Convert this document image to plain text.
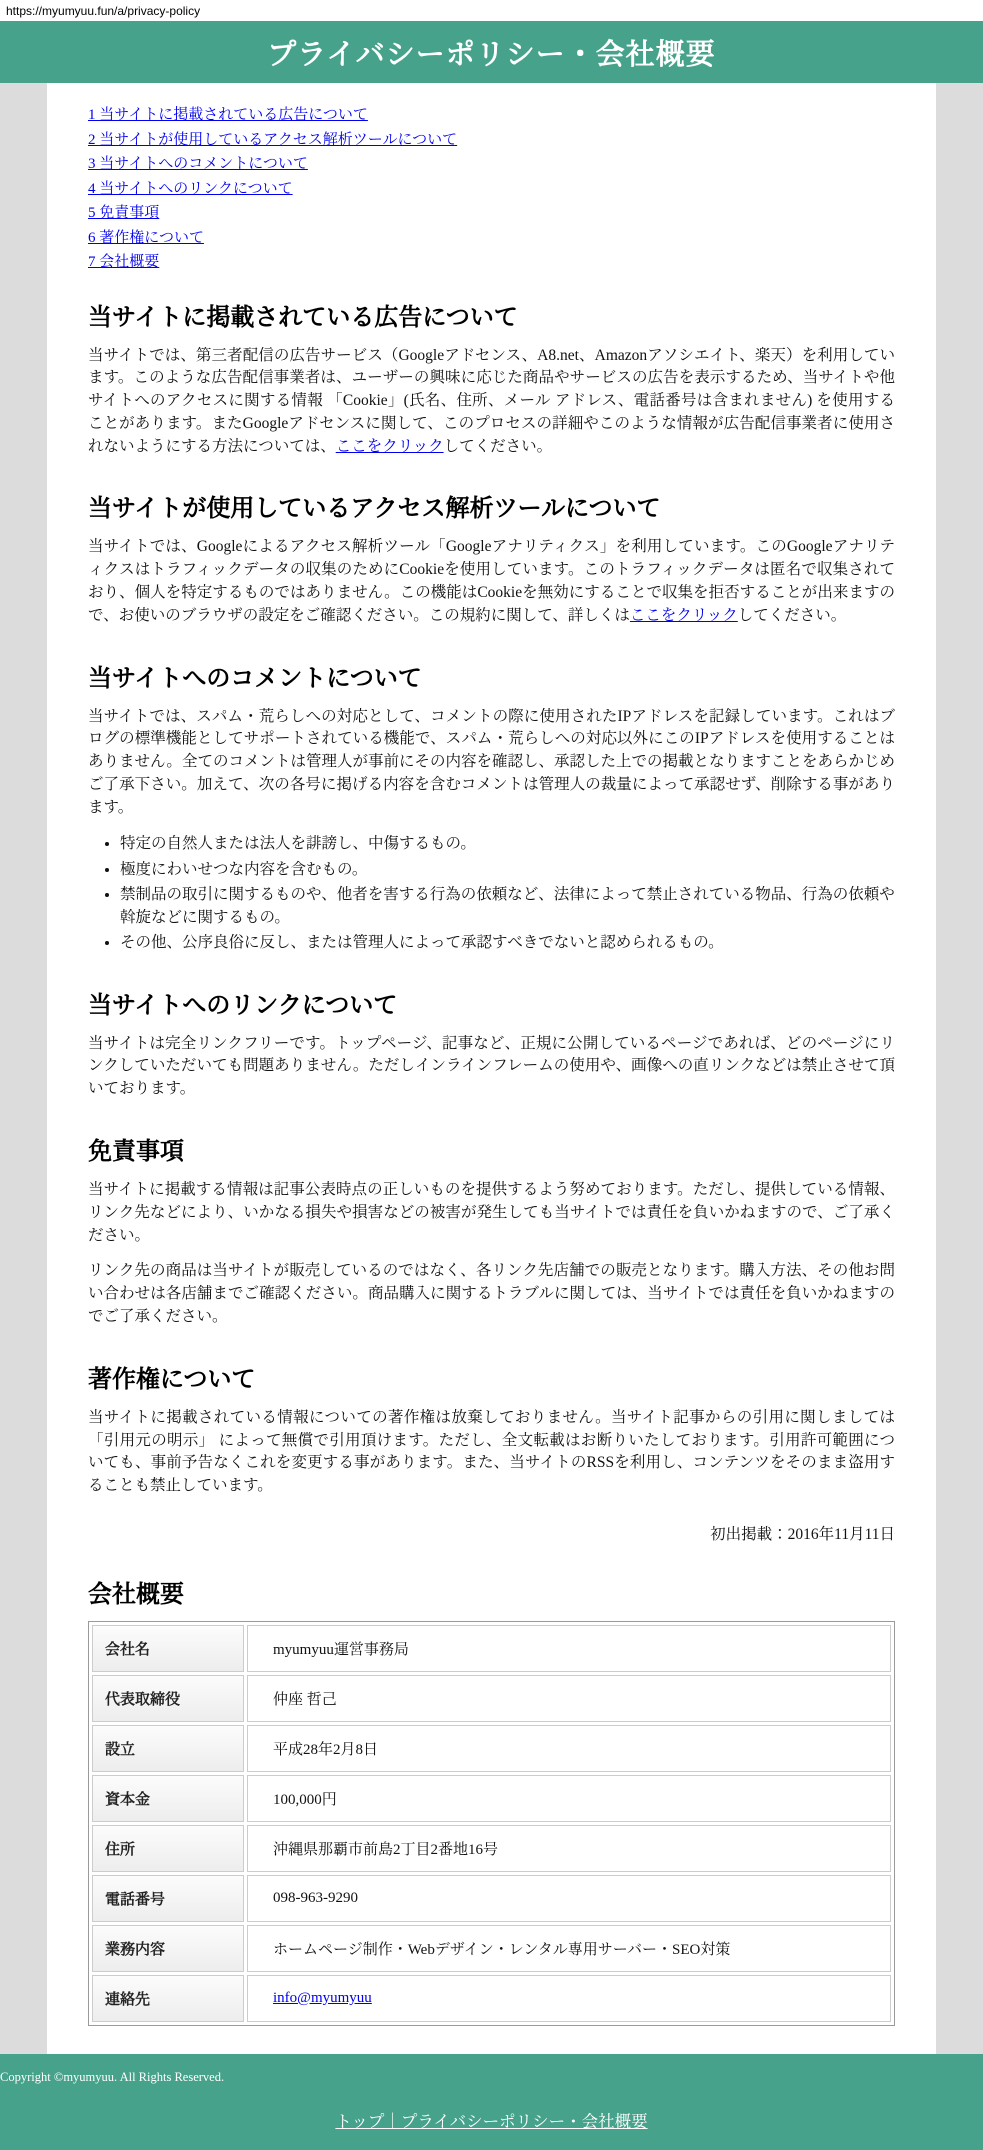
https://myumyuu.fun/a/privacy-policy
プライバシーポリシー・会社概要
1 当サイトに掲載されている広告について
2 当サイトが使用しているアクセス解析ツールについて
3 当サイトへのコメントについて
4 当サイトへのリンクについて
5 免責事項
6 著作権について
7 会社概要
当サイトに掲載されている広告について

当サイトでは、第三者配信の広告サービス（Googleアドセンス、A8.net、Amazonアソシエイト、楽天）を利用しています。このような広告配信事業者は、ユーザーの興味に応じた商品やサービスの広告を表示するため、当サイトや他サイトへのアクセスに関する情報 「Cookie」(氏名、住所、メール アドレス、電話番号は含まれません) を使用することがあります。またGoogleアドセンスに関して、このプロセスの詳細やこのような情報が広告配信事業者に使用されないようにする方法については、ここをクリックしてください。

当サイトが使用しているアクセス解析ツールについて

当サイトでは、Googleによるアクセス解析ツール「Googleアナリティクス」を利用しています。このGoogleアナリティクスはトラフィックデータの収集のためにCookieを使用しています。このトラフィックデータは匿名で収集されており、個人を特定するものではありません。この機能はCookieを無効にすることで収集を拒否することが出来ますので、お使いのブラウザの設定をご確認ください。この規約に関して、詳しくはここをクリックしてください。

当サイトへのコメントについて

当サイトでは、スパム・荒らしへの対応として、コメントの際に使用されたIPアドレスを記録しています。これはブログの標準機能としてサポートされている機能で、スパム・荒らしへの対応以外にこのIPアドレスを使用することはありません。全てのコメントは管理人が事前にその内容を確認し、承認した上での掲載となりますことをあらかじめご了承下さい。加えて、次の各号に掲げる内容を含むコメントは管理人の裁量によって承認せず、削除する事があります。

• 特定の自然人または法人を誹謗し、中傷するもの。
• 極度にわいせつな内容を含むもの。
• 禁制品の取引に関するものや、他者を害する行為の依頼など、法律によって禁止されている物品、行為の依頼や斡旋などに関するもの。
• その他、公序良俗に反し、または管理人によって承認すべきでないと認められるもの。
当サイトへのリンクについて

当サイトは完全リンクフリーです。トップページ、記事など、正規に公開しているページであれば、どのページにリンクしていただいても問題ありません。ただしインラインフレームの使用や、画像への直リンクなどは禁止させて頂いております。

免責事項

当サイトに掲載する情報は記事公表時点の正しいものを提供するよう努めております。ただし、提供している情報、リンク先などにより、いかなる損失や損害などの被害が発生しても当サイトでは責任を負いかねますので、ご了承ください。

リンク先の商品は当サイトが販売しているのではなく、各リンク先店舗での販売となります。購入方法、その他お問い合わせは各店舗までご確認ください。商品購入に関するトラブルに関しては、当サイトでは責任を負いかねますのでご了承ください。

著作権について

当サイトに掲載されている情報についての著作権は放棄しておりません。当サイト記事からの引用に関しましては 「引用元の明示」 によって無償で引用頂けます。ただし、全文転載はお断りいたしております。引用許可範囲についても、事前予告なくこれを変更する事があります。また、当サイトのRSSを利用し、コンテンツをそのまま盗用することも禁止しています。

初出掲載：2016年11月11日
会社概要
会社名	myumyuu運営事務局
代表取締役	仲座 哲己
設立	平成28年2月8日
資本金	100,000円
住所	沖縄県那覇市前島2丁目2番地16号
電話番号	098-963-9290
業務内容	ホームページ制作・Webデザイン・レンタル専用サーバー・SEO対策
連絡先	info@myumyuu

Copyright ©myumyuu. All Rights Reserved.

トップ｜プライバシーポリシー・会社概要
